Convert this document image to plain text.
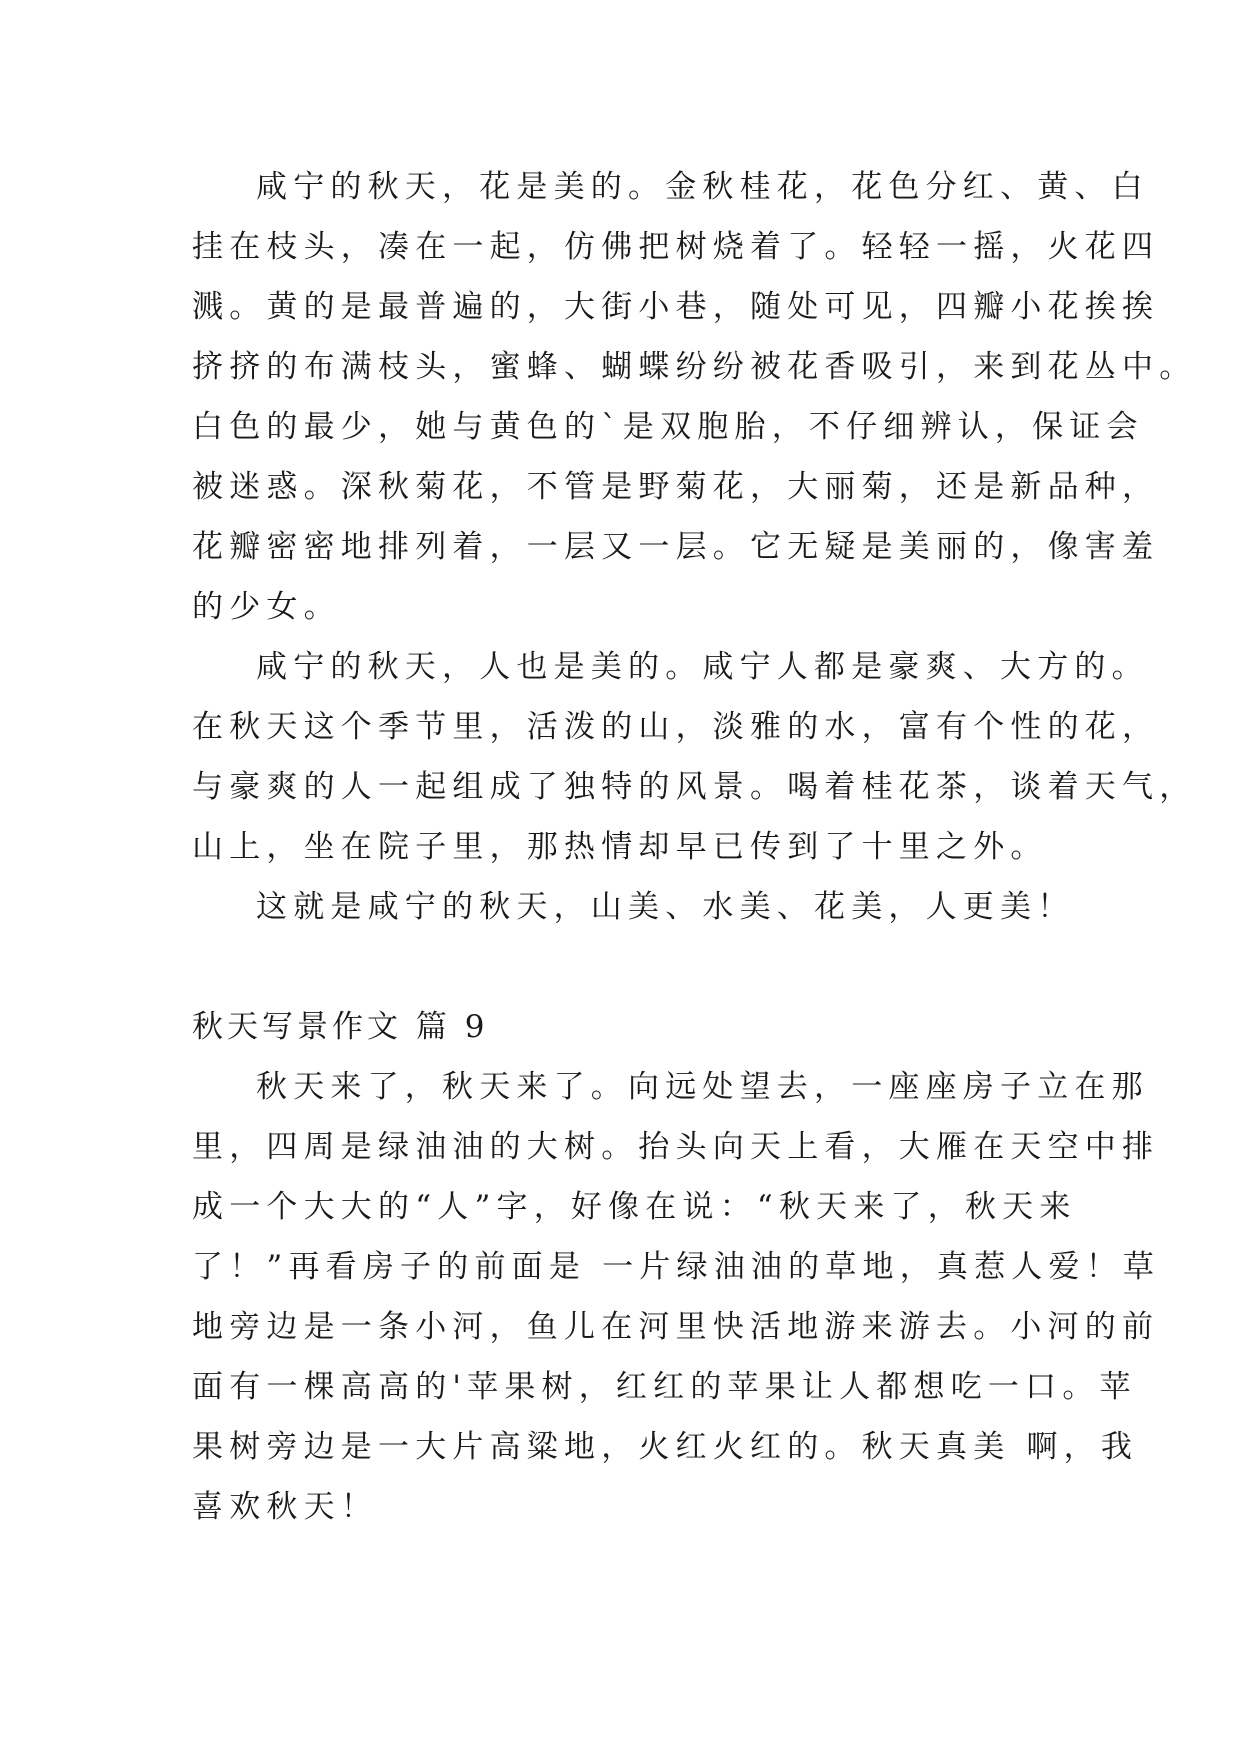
咸宁的秋天，花是美的。金秋桂花，花色分红、黄、白
挂在枝头，凑在一起，仿佛把树烧着了。轻轻一摇，火花四
溅。黄的是最普遍的，大街小巷，随处可见，四瓣小花挨挨
挤挤的布满枝头，蜜蜂、蝴蝶纷纷被花香吸引，来到花丛中。
白色的最少，她与黄色的`是双胞胎，不仔细辨认，保证会
被迷惑。深秋菊花，不管是野菊花，大丽菊，还是新品种，
花瓣密密地排列着，一层又一层。它无疑是美丽的，像害羞
的少女。
咸宁的秋天，人也是美的。咸宁人都是豪爽、大方的。
在秋天这个季节里，活泼的山，淡雅的水，富有个性的花，
与豪爽的人一起组成了独特的风景。喝着桂花茶，谈着天气，
山上，坐在院子里，那热情却早已传到了十里之外。
这就是咸宁的秋天，山美、水美、花美，人更美！
秋天写景作文 篇 9
秋天来了，秋天来了。向远处望去，一座座房子立在那
里，四周是绿油油的大树。抬头向天上看，大雁在天空中排
成一个大大的“人”字，好像在说：“秋天来了，秋天来
了！”再看房子的前面是 一片绿油油的草地，真惹人爱！草
地旁边是一条小河，鱼儿在河里快活地游来游去。小河的前
面有一棵高高的'苹果树，红红的苹果让人都想吃一口。苹
果树旁边是一大片高粱地，火红火红的。秋天真美 啊，我
喜欢秋天！
